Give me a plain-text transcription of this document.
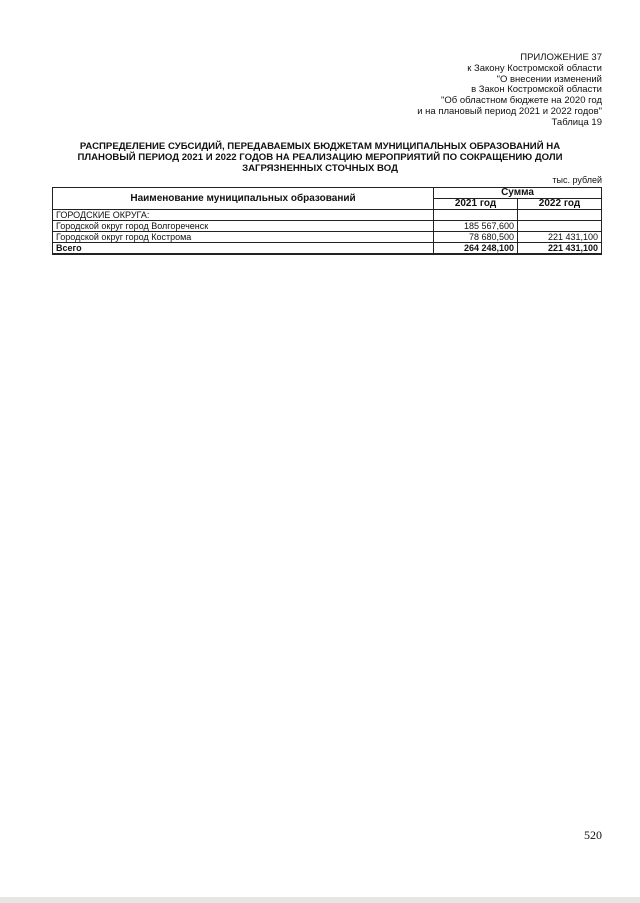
ПРИЛОЖЕНИЕ 37
к Закону Костромской области
"О внесении изменений
в Закон Костромской области
"Об областном бюджете на 2020 год
и на плановый период 2021 и 2022 годов"
Таблица 19
РАСПРЕДЕЛЕНИЕ СУБСИДИЙ, ПЕРЕДАВАЕМЫХ БЮДЖЕТАМ МУНИЦИПАЛЬНЫХ ОБРАЗОВАНИЙ НА
ПЛАНОВЫЙ ПЕРИОД 2021 И 2022 ГОДОВ НА РЕАЛИЗАЦИЮ МЕРОПРИЯТИЙ ПО СОКРАЩЕНИЮ ДОЛИ
ЗАГРЯЗНЕННЫХ СТОЧНЫХ ВОД
тыс. рублей
Наименование муниципальных образований	Сумма	
	2021 год	2022 год
ГОРОДСКИЕ ОКРУГА:		
Городской округ город Волгореченск	185 567,600	
Городской округ город Кострома	78 680,500	221 431,100
Всего	264 248,100	221 431,100
520
